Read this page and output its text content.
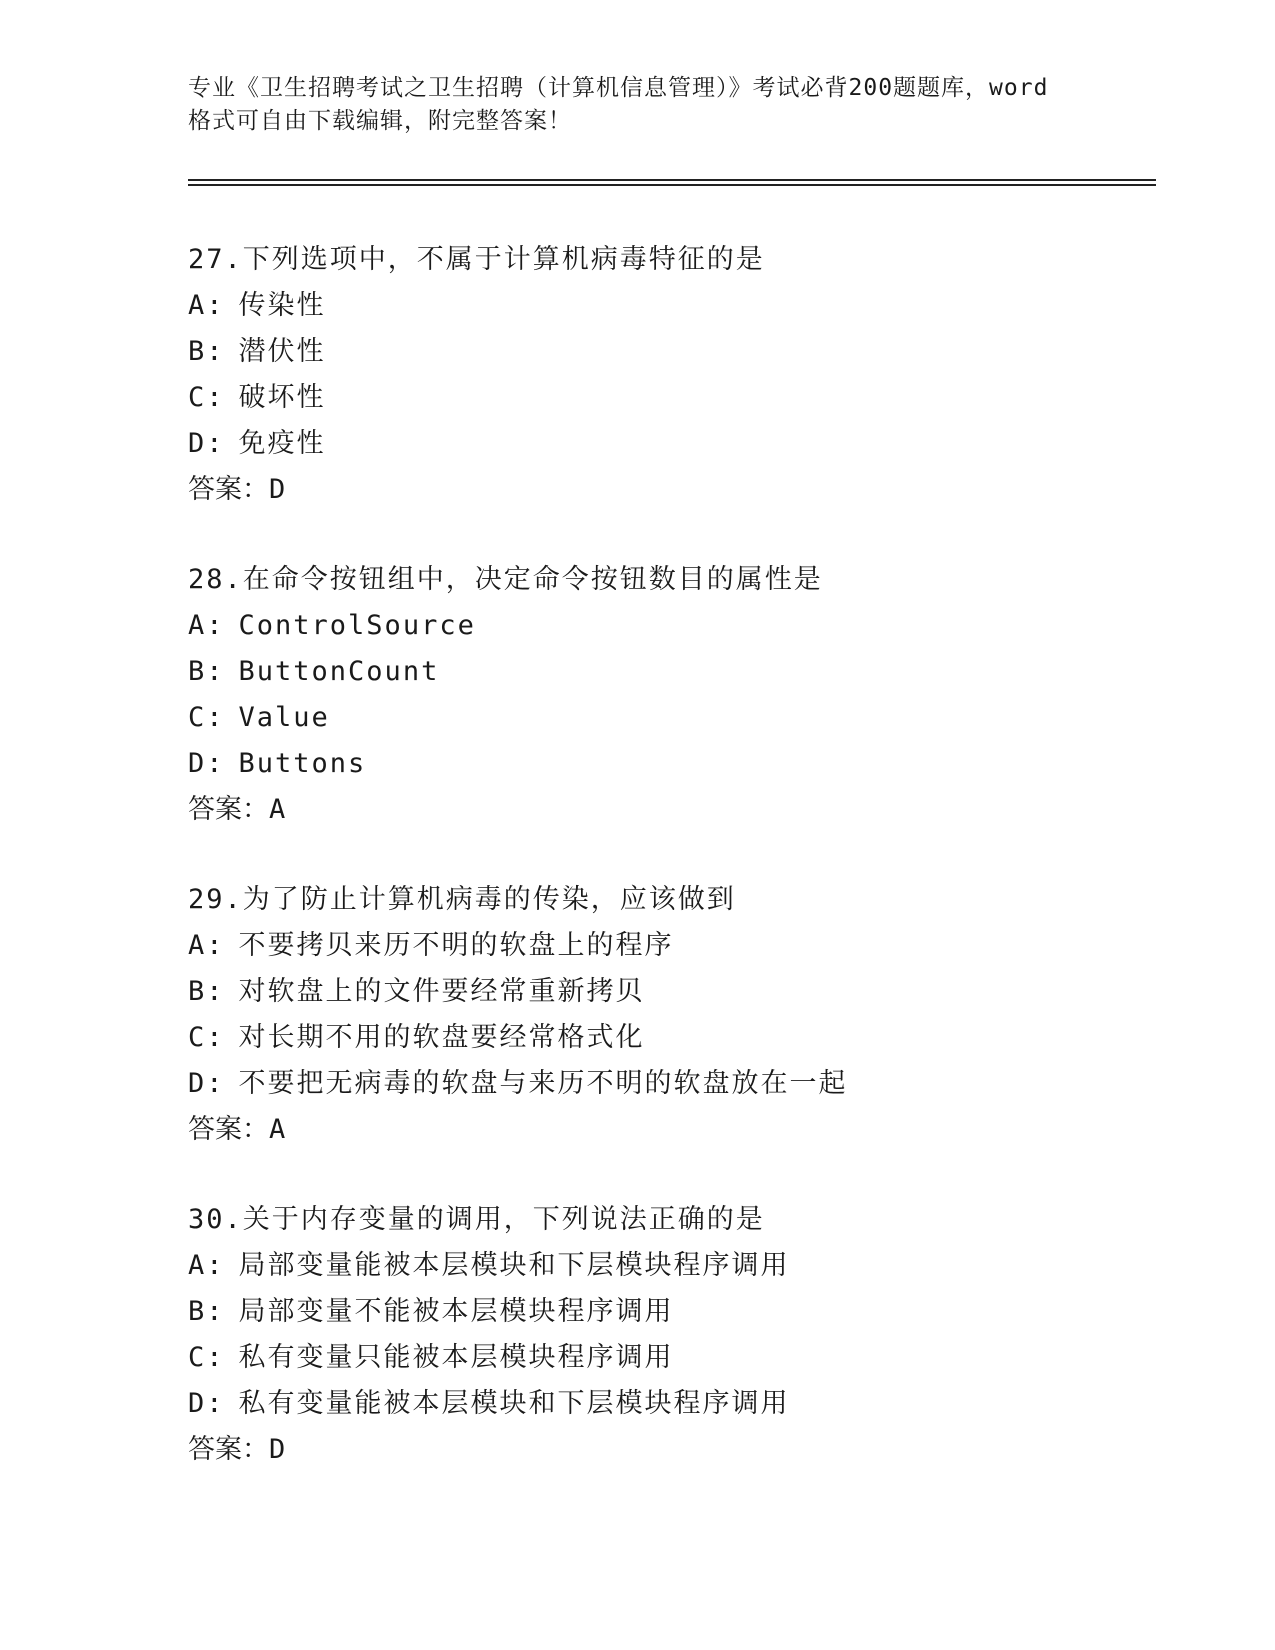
专业《卫生招聘考试之卫生招聘（计算机信息管理）》考试必背200题题库，word
格式可自由下载编辑，附完整答案！
27.下列选项中，不属于计算机病毒特征的是
A: 传染性
B: 潜伏性
C: 破坏性
D: 免疫性
答案：D
28.在命令按钮组中，决定命令按钮数目的属性是
A: ControlSource
B: ButtonCount
C: Value
D: Buttons
答案：A
29.为了防止计算机病毒的传染，应该做到
A: 不要拷贝来历不明的软盘上的程序
B: 对软盘上的文件要经常重新拷贝
C: 对长期不用的软盘要经常格式化
D: 不要把无病毒的软盘与来历不明的软盘放在一起
答案：A
30.关于内存变量的调用，下列说法正确的是
A: 局部变量能被本层模块和下层模块程序调用
B: 局部变量不能被本层模块程序调用
C: 私有变量只能被本层模块程序调用
D: 私有变量能被本层模块和下层模块程序调用
答案：D
